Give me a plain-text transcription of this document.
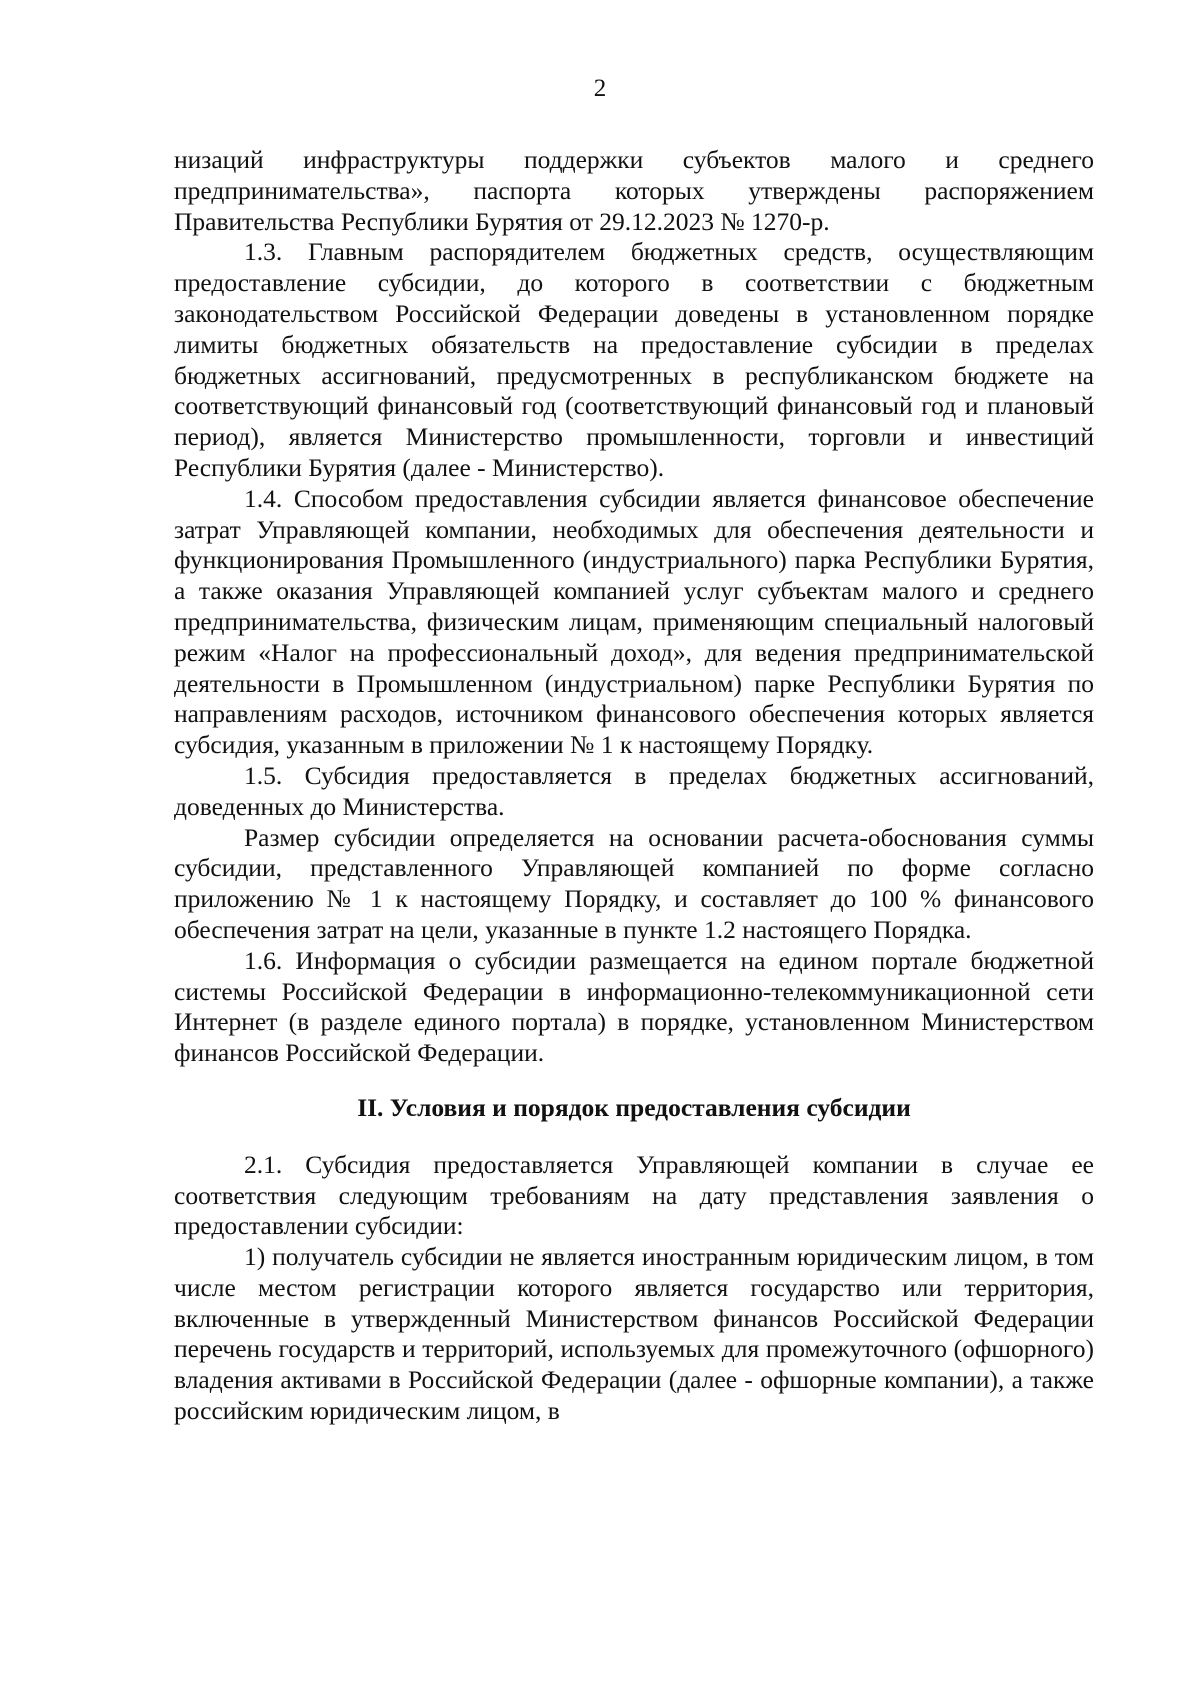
2

низаций инфраструктуры поддержки субъектов малого и среднего предпринимательства», паспорта которых утверждены распоряжением Правительства Республики Бурятия от 29.12.2023 № 1270-р.

1.3. Главным распорядителем бюджетных средств, осуществляющим предоставление субсидии, до которого в соответствии с бюджетным законодательством Российской Федерации доведены в установленном порядке лимиты бюджетных обязательств на предоставление субсидии в пределах бюджетных ассигнований, предусмотренных в республиканском бюджете на соответствующий финансовый год (соответствующий финансовый год и плановый период), является Министерство промышленности, торговли и инвестиций Республики Бурятия (далее - Министерство).

1.4. Способом предоставления субсидии является финансовое обеспечение затрат Управляющей компании, необходимых для обеспечения деятельности и функционирования Промышленного (индустриального) парка Республики Бурятия, а также оказания Управляющей компанией услуг субъектам малого и среднего предпринимательства, физическим лицам, применяющим специальный налоговый режим «Налог на профессиональный доход», для ведения предпринимательской деятельности в Промышленном (индустриальном) парке Республики Бурятия по направлениям расходов, источником финансового обеспечения которых является субсидия, указанным в приложении № 1 к настоящему Порядку.

1.5. Субсидия предоставляется в пределах бюджетных ассигнований, доведенных до Министерства.

Размер субсидии определяется на основании расчета-обоснования суммы субсидии, представленного Управляющей компанией по форме согласно приложению № 1 к настоящему Порядку, и составляет до 100 % финансового обеспечения затрат на цели, указанные в пункте 1.2 настоящего Порядка.

1.6. Информация о субсидии размещается на едином портале бюджетной системы Российской Федерации в информационно-телекоммуникационной сети Интернет (в разделе единого портала) в порядке, установленном Министерством финансов Российской Федерации.

II. Условия и порядок предоставления субсидии

2.1. Субсидия предоставляется Управляющей компании в случае ее соответствия следующим требованиям на дату представления заявления о предоставлении субсидии:

1) получатель субсидии не является иностранным юридическим лицом, в том числе местом регистрации которого является государство или территория, включенные в утвержденный Министерством финансов Российской Федерации перечень государств и территорий, используемых для промежуточного (офшорного) владения активами в Российской Федерации (далее - офшорные компании), а также российским юридическим лицом, в
